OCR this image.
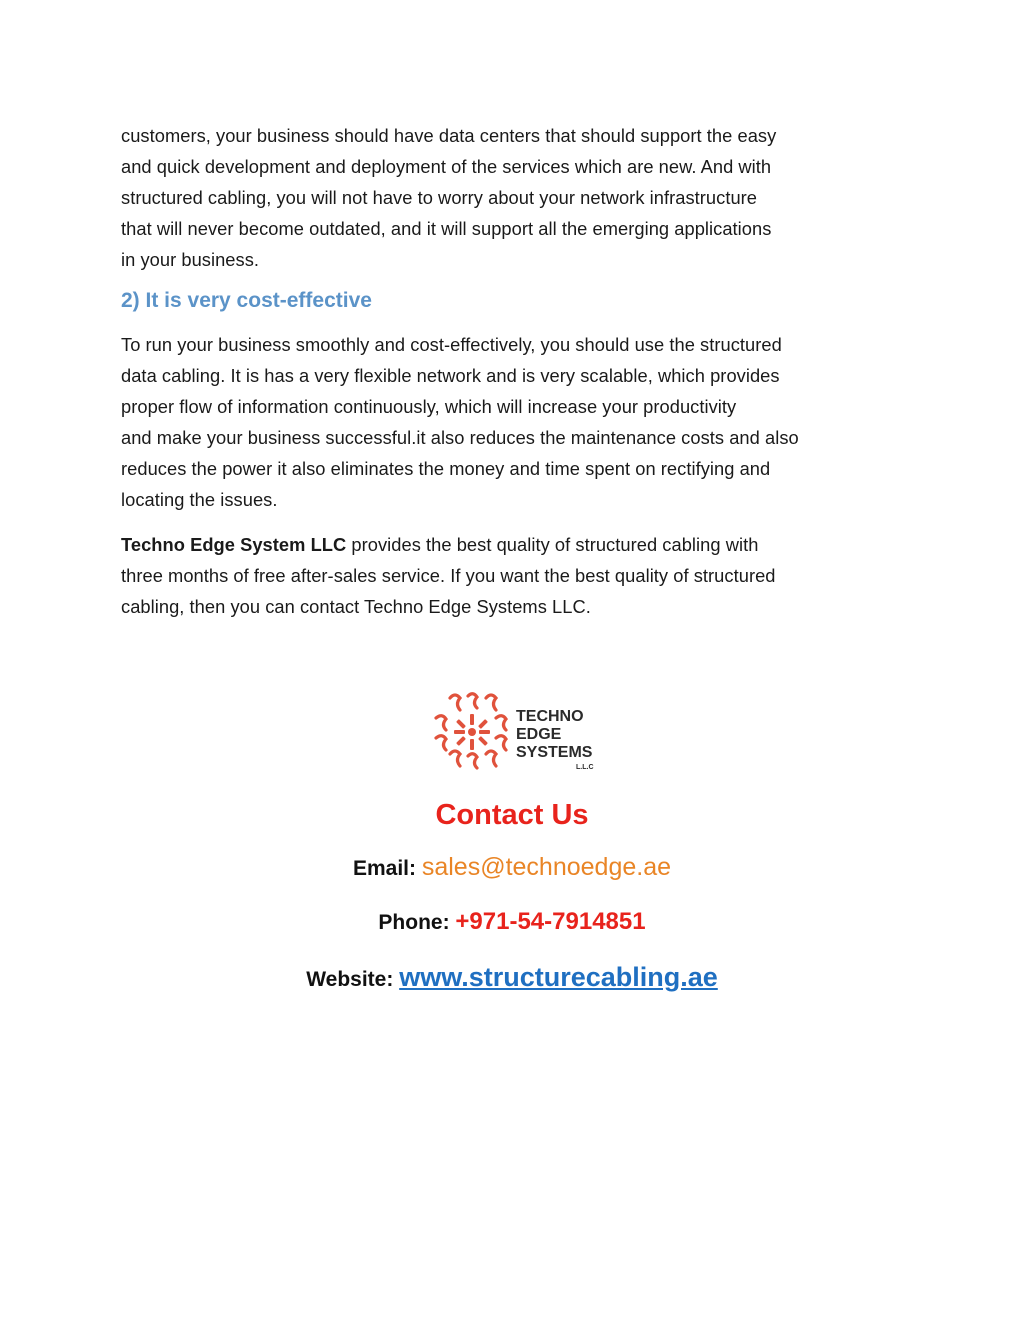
customers, your business should have data centers that should support the easy
and quick development and deployment of the services which are new. And with
structured cabling, you will not have to worry about your network infrastructure
that will never become outdated, and it will support all the emerging applications
in your business.

2) It is very cost-effective

To run your business smoothly and cost-effectively, you should use the structured
data cabling. It is has a very flexible network and is very scalable, which provides
proper flow of information continuously, which will increase your productivity
and make your business successful.it also reduces the maintenance costs and also
reduces the power it also eliminates the money and time spent on rectifying and
locating the issues.

Techno Edge System LLC provides the best quality of structured cabling with
three months of free after-sales service. If you want the best quality of structured
cabling, then you can contact Techno Edge Systems LLC.

TECHNO
EDGE
SYSTEMS
L.L.C
Contact Us

Email: sales@technoedge.ae

Phone: +971-54-7914851

Website: www.structurecabling.ae
